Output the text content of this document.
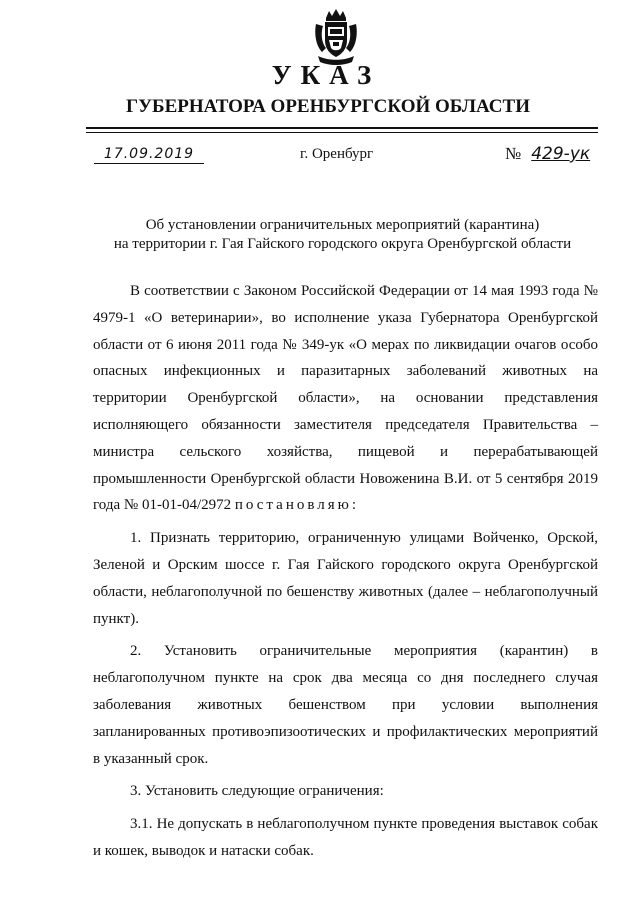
УКАЗ
ГУБЕРНАТОРА ОРЕНБУРГСКОЙ ОБЛАСТИ
17.09.2019	г. Оренбург	№ 429-ук
Об установлении ограничительных мероприятий (карантина)
на территории г. Гая Гайского городского округа Оренбургской области

В соответствии с Законом Российской Федерации от 14 мая 1993 года № 4979-1 «О ветеринарии», во исполнение указа Губернатора Оренбургской области от 6 июня 2011 года № 349-ук «О мерах по ликвидации очагов особо опасных инфекционных и паразитарных заболеваний животных на территории Оренбургской области», на основании представления исполняющего обязанности заместителя председателя Правительства – министра сельского хозяйства, пищевой и перерабатывающей промышленности Оренбургской области Новоженина В.И. от 5 сентября 2019 года № 01-01-04/2972 постановляю:

1. Признать территорию, ограниченную улицами Войченко, Орской, Зеленой и Орским шоссе г. Гая Гайского городского округа Оренбургской области, неблагополучной по бешенству животных (далее – неблагополучный пункт).

2. Установить ограничительные мероприятия (карантин) в неблагополучном пункте на срок два месяца со дня последнего случая заболевания животных бешенством при условии выполнения запланированных противоэпизоотических и профилактических мероприятий в указанный срок.

3. Установить следующие ограничения:

3.1. Не допускать в неблагополучном пункте проведения выставок собак и кошек, выводок и натаски собак.
